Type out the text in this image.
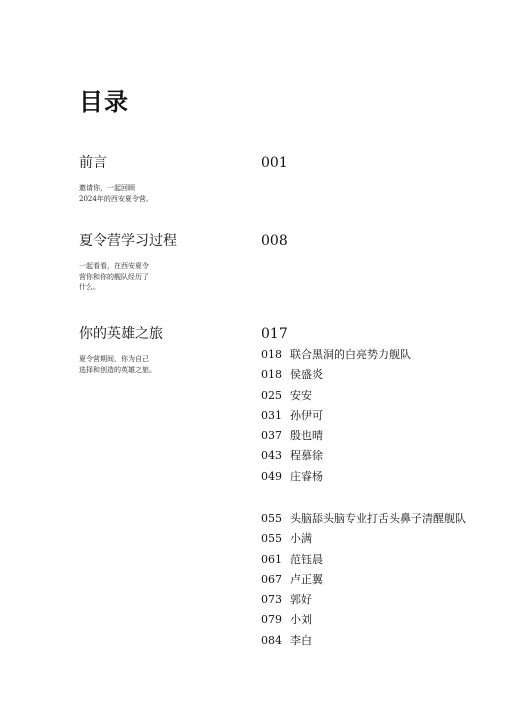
目录
前言	001
邀请你，一起回顾
2024年的西安夏令营。
夏令营学习过程	008
一起看看，在西安夏令
营你和你的舰队经历了
什么。
你的英雄之旅	017
夏令营期间，你为自己
选择和创造的英雄之旅。
018 联合黑洞的白亮势力舰队
018 侯盛炎
025 安安
031 孙伊可
037 殷也晴
043 程慕徐
049 庄睿杨
055 头脑舔头脑专业打舌头鼻子清醒舰队
055 小满
061 范钰晨
067 卢正翼
073 郭好
079 小刘
084 李白
